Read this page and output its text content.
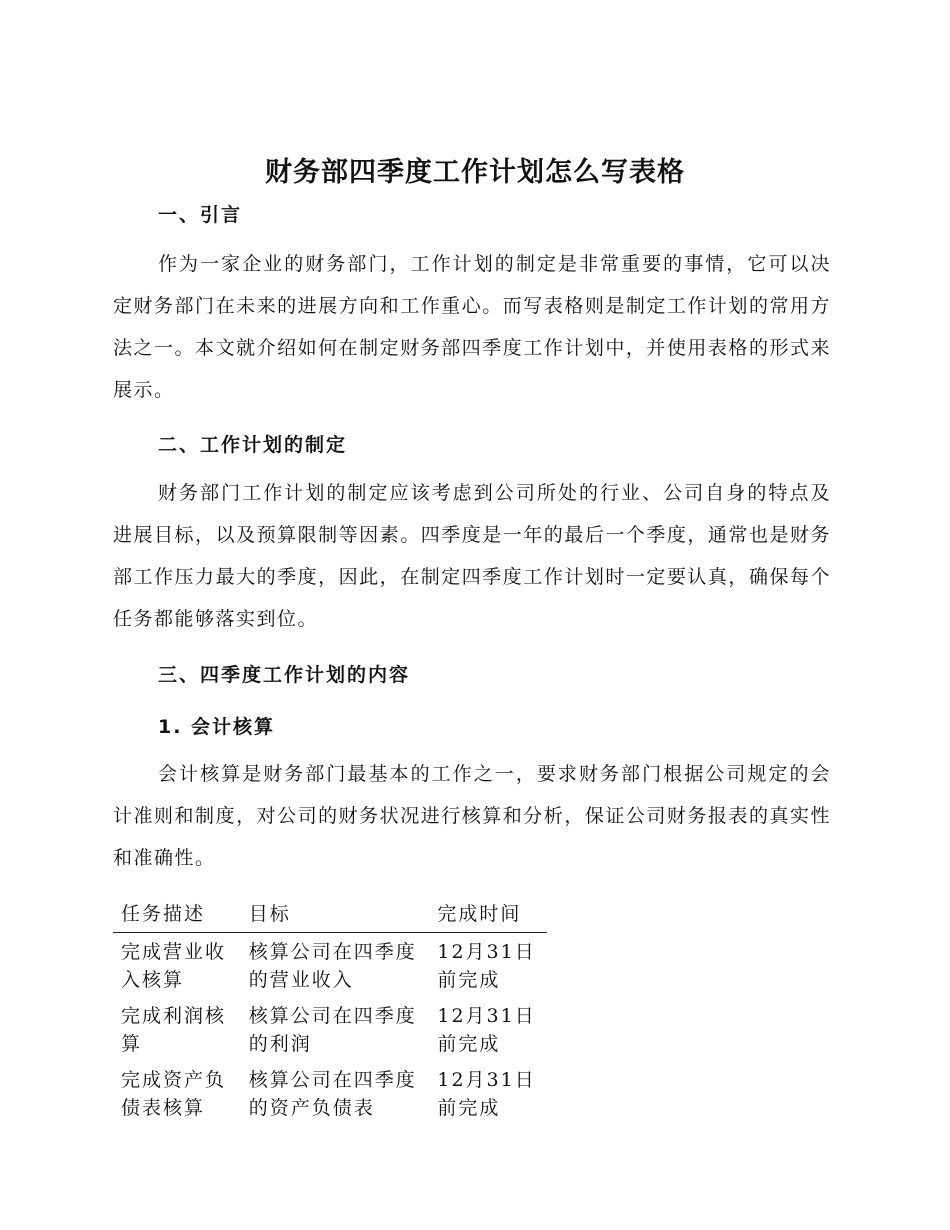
财务部四季度工作计划怎么写表格
一、引言
作为一家企业的财务部门，工作计划的制定是非常重要的事情，它可以决定财务部门在未来的进展方向和工作重心。而写表格则是制定工作计划的常用方法之一。本文就介绍如何在制定财务部四季度工作计划中，并使用表格的形式来展示。
二、工作计划的制定
财务部门工作计划的制定应该考虑到公司所处的行业、公司自身的特点及进展目标，以及预算限制等因素。四季度是一年的最后一个季度，通常也是财务部工作压力最大的季度，因此，在制定四季度工作计划时一定要认真，确保每个任务都能够落实到位。
三、四季度工作计划的内容
1. 会计核算
会计核算是财务部门最基本的工作之一，要求财务部门根据公司规定的会计准则和制度，对公司的财务状况进行核算和分析，保证公司财务报表的真实性和准确性。
任务描述	目标	完成时间
完成营业收入核算	核算公司在四季度的营业收入	12月31日前完成
完成利润核算	核算公司在四季度的利润	12月31日前完成
完成资产负债表核算	核算公司在四季度的资产负债表	12月31日前完成
